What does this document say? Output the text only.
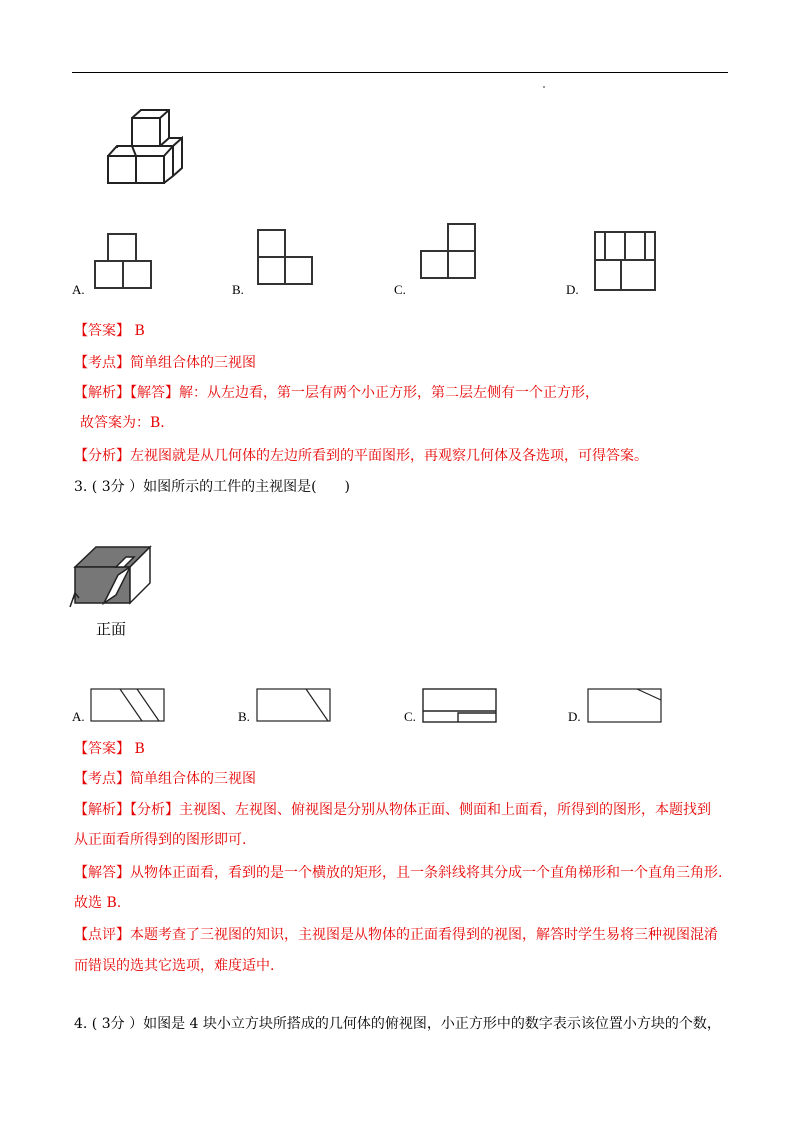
A.	B.	C.	D.
【答案】 B
【考点】简单组合体的三视图
【解析】【解答】解：从左边看，第一层有两个小正方形，第二层左侧有一个正方形，
故答案为：B.
【分析】左视图就是从几何体的左边所看到的平面图形，再观察几何体及各选项，可得答案。
3. ( 3分 ）如图所示的工件的主视图是(　　)
正面
A.	B.	C.	D.
【答案】 B
【考点】简单组合体的三视图
【解析】【分析】主视图、左视图、俯视图是分别从物体正面、侧面和上面看，所得到的图形，本题找到
从正面看所得到的图形即可.
【解答】从物体正面看，看到的是一个横放的矩形，且一条斜线将其分成一个直角梯形和一个直角三角形.
故选 B.
【点评】本题考查了三视图的知识，主视图是从物体的正面看得到的视图，解答时学生易将三种视图混淆
而错误的选其它选项，难度适中.
4. ( 3分 ）如图是 4 块小立方块所搭成的几何体的俯视图，小正方形中的数字表示该位置小方块的个数，
